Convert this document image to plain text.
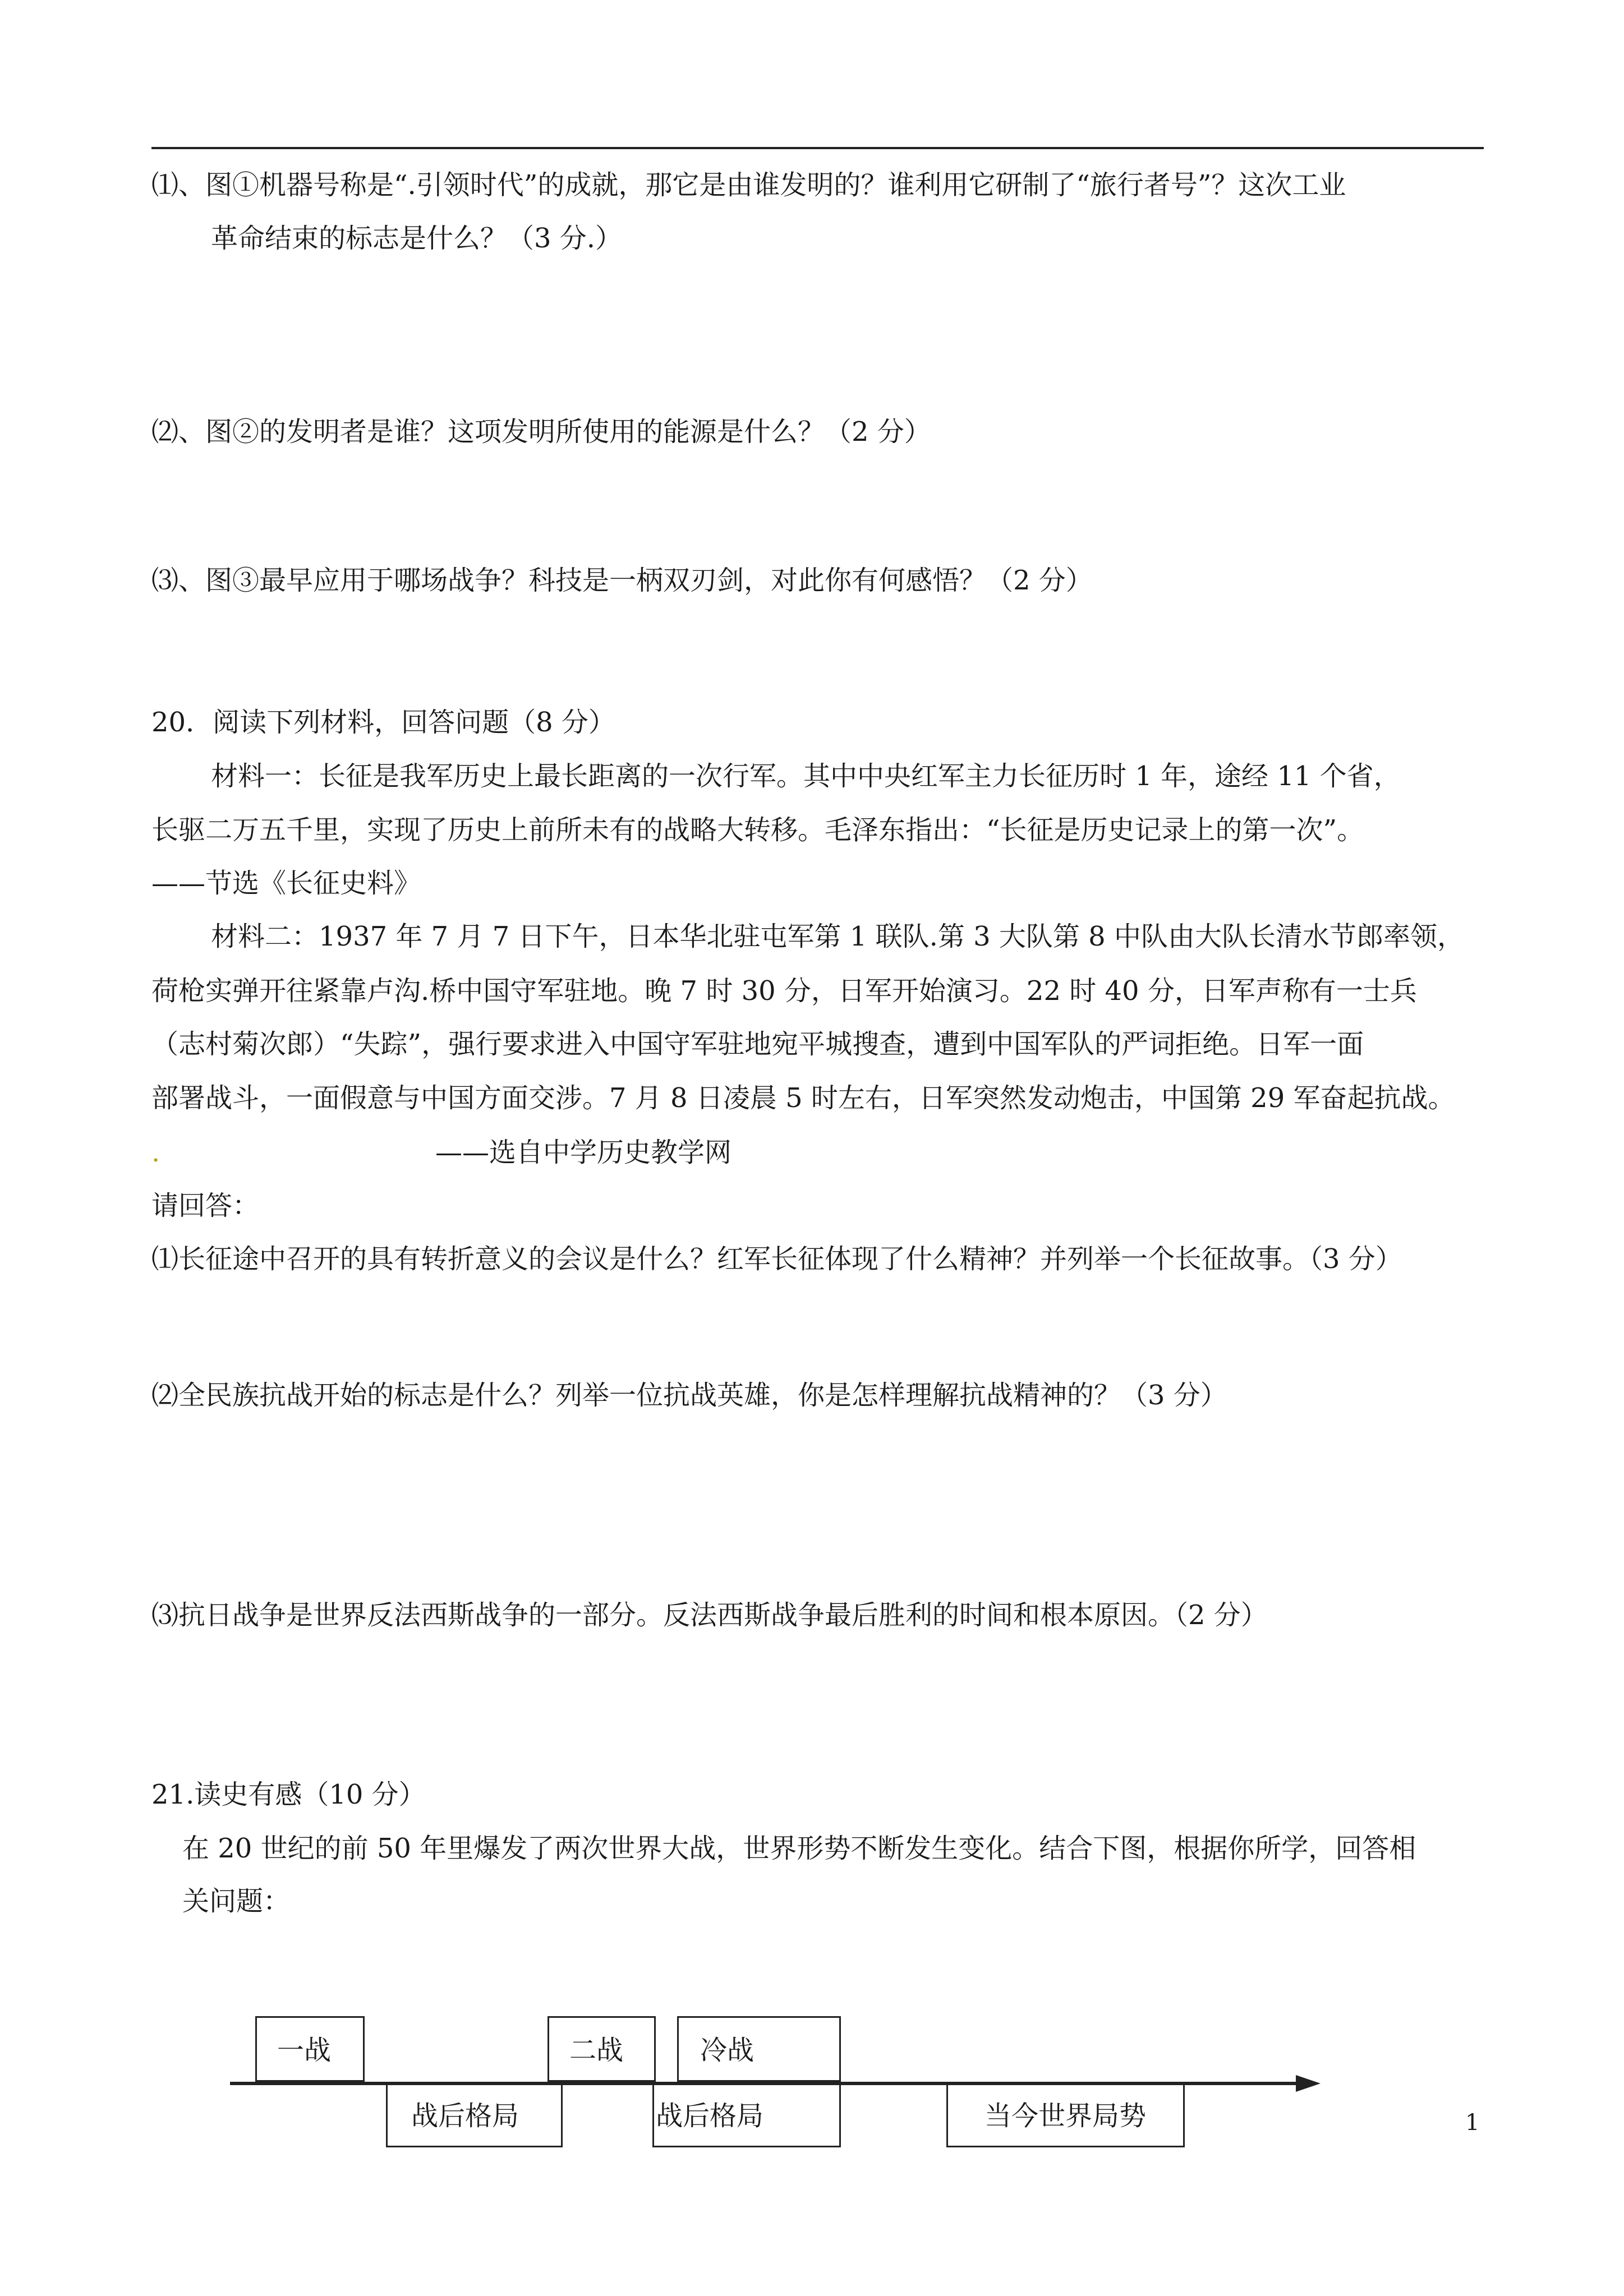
⑴、图①机器号称是“.引领时代”的成就，那它是由谁发明的？谁利用它研制了“旅行者号”？这次工业
革命结束的标志是什么？（3 分.）
⑵、图②的发明者是谁？这项发明所使用的能源是什么？（2 分）
⑶、图③最早应用于哪场战争？科技是一柄双刃剑，对此你有何感悟？（2 分）
20．阅读下列材料，回答问题（8 分）
材料一：长征是我军历史上最长距离的一次行军。其中中央红军主力长征历时 1 年，途经 11 个省，
长驱二万五千里，实现了历史上前所未有的战略大转移。毛泽东指出：“长征是历史记录上的第一次”。
——节选《长征史料》
材料二：1937 年 7 月 7 日下午，日本华北驻屯军第 1 联队.第 3 大队第 8 中队由大队长清水节郎率领，
荷枪实弹开往紧靠卢沟.桥中国守军驻地。晚 7 时 30 分，日军开始演习。22 时 40 分，日军声称有一士兵
（志村菊次郎）“失踪”，强行要求进入中国守军驻地宛平城搜查，遭到中国军队的严词拒绝。日军一面
部署战斗，一面假意与中国方面交涉。7 月 8 日凌晨 5 时左右，日军突然发动炮击，中国第 29 军奋起抗战。
.	——选自中学历史教学网
请回答：
⑴长征途中召开的具有转折意义的会议是什么？红军长征体现了什么精神？并列举一个长征故事。（3 分）
⑵全民族抗战开始的标志是什么？列举一位抗战英雄，你是怎样理解抗战精神的？（3 分）
⑶抗日战争是世界反法西斯战争的一部分。反法西斯战争最后胜利的时间和根本原因。（2 分）
21.读史有感（10 分）
在 20 世纪的前 50 年里爆发了两次世界大战，世界形势不断发生变化。结合下图，根据你所学，回答相
关问题：
一战
战后格局
二战	冷战
战后格局	当今世界局势	1
